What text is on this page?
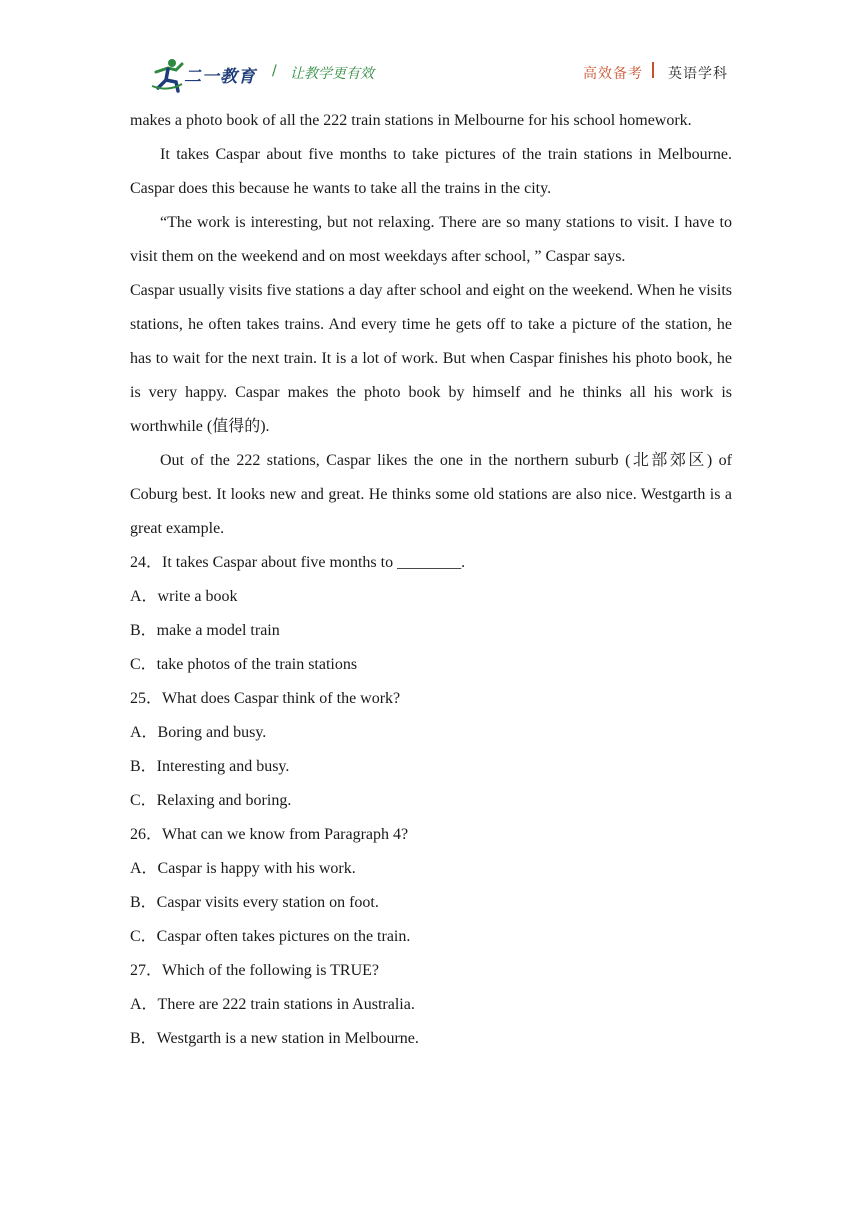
二一教育 / 让教学更有效	高效备考 英语学科

makes a photo book of all the 222 train stations in Melbourne for his school homework.

It takes Caspar about five months to take pictures of the train stations in Melbourne. Caspar does this because he wants to take all the trains in the city.

“The work is interesting, but not relaxing. There are so many stations to visit. I have to visit them on the weekend and on most weekdays after school, ” Caspar says.

Caspar usually visits five stations a day after school and eight on the weekend. When he visits stations, he often takes trains. And every time he gets off to take a picture of the station, he has to wait for the next train. It is a lot of work. But when Caspar finishes his photo book, he is very happy. Caspar makes the photo book by himself and he thinks all his work is worthwhile (值得的).

Out of the 222 stations, Caspar likes the one in the northern suburb (北部郊区) of Coburg best. It looks new and great. He thinks some old stations are also nice. Westgarth is a great example.

24．It takes Caspar about five months to ________.

A．write a book

B．make a model train

C．take photos of the train stations

25．What does Caspar think of the work?

A．Boring and busy.

B．Interesting and busy.

C．Relaxing and boring.

26．What can we know from Paragraph 4?

A．Caspar is happy with his work.

B．Caspar visits every station on foot.

C．Caspar often takes pictures on the train.

27．Which of the following is TRUE?

A．There are 222 train stations in Australia.

B．Westgarth is a new station in Melbourne.
